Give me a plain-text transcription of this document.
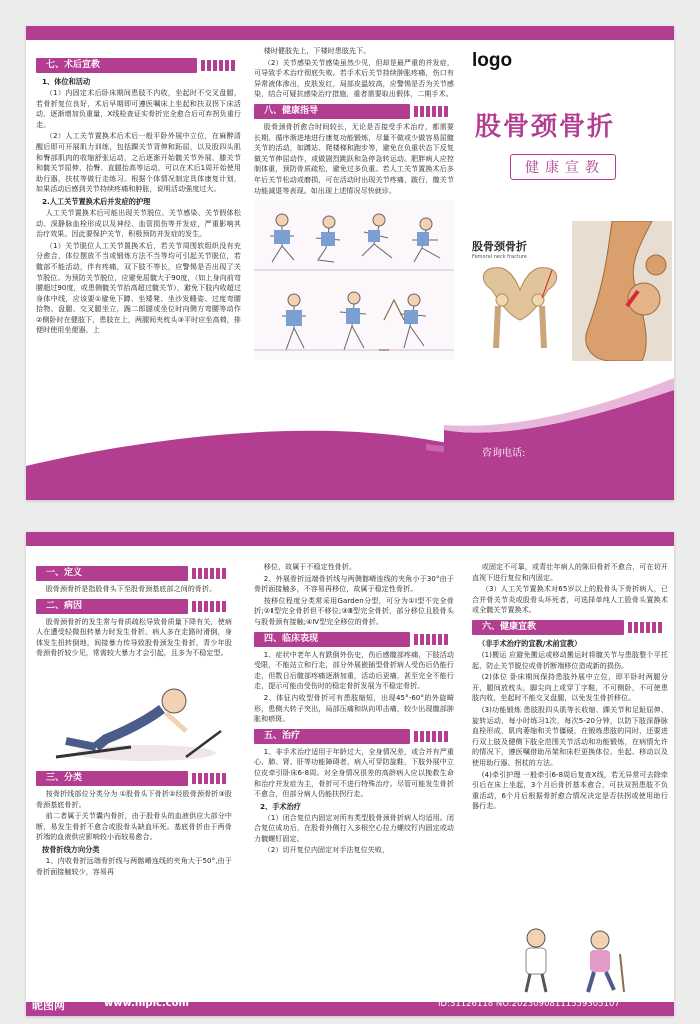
七、术后宣教
1、体位和活动
（1）内固定术后卧床期间患肢不内收，坐起时不交叉盘腿，若骨折复位良好，术后早期即可遵医嘱床上坐起和扶双拐下床活动，逐渐增加负重量，X线检查证实骨折完全愈合后可弃拐负重行走。
（2）人工关节置换术后术后一般平卧外展中立位，在麻醉清醒后即可开展肌力训练，包括踝关节背伸和跖屈，以及股四头肌和臀部肌肉的收缩舒张运动，之后逐渐开始髋关节外展、膝关节和髋关节屈伸、抬臀、直腿抬高等运动，可以在术后1周开始使用助行器，扶杖等做行走练习。根据个体情况制定具体康复计划，如果活动后感到关节持续疼痛和肿胀，说明活动强度过大。
2.人工关节置换术后并发症的护理
人工关节置换术后可能出现关节脱位、关节感染、关节假体松动、深静脉血栓形成以及神经、血管损伤等并发症，严重影响其治疗效果。因此要保护关节，积极预防并发症的发生。
（1）关节脱位人工关节置换术后，若关节周围软组织没有充分愈合，体位摆放不当或锻炼方法不当等均可引起关节脱位，若髋部不能活动，伴有疼痛，双下肢不等长，应警惕是否出现了关节脱位。为预防关节脱位，应避免屈髋大于90度，（如上身向前弯腰超过90度，或患侧髋关节抬高超过髋关节），避免下肢内收超过身体中线，应该要①避免下蹲、坐矮凳、坐沙发睡姿、过度弯腰拾物、盘腿、交叉腿坐立，跪二郎腿或坐位时向侧方弯腰等动作②侧卧时在健肢下，患肢在上，两腿间夹枕头③平时应坐高椅，排便时使用坐便器，上
楼时健肢先上，下楼时患肢先下。
（2）关节感染关节感染虽然少见，但却是最严重的并发症，可导致手术治疗彻底失败。若手术后关节持续肿胀疼痛，伤口有异常液体渗出，皮肤发红，局部皮温较高，应警惕是否为关节感染，结合可疑抗感染治疗措施，重者需要取出假体，二期手术。
八、健康指导
股骨颈骨折愈合时间较长，无论是否接受手术治疗，都需要长期、循序渐进地进行康复功能锻炼，尽量不做或少做容易屈髋关节的活动，如蹲站、爬楼梯和跑步等，避免在负重状态下反复做关节伸屈动作，或做剧烈跳跃和急停急转运动。肥胖病人应控制体重，预防骨质疏松，避免过多负重。若人工关节置换术后多年后关节松动或磨损，可在活动时出现关节疼痛、跛行，髋关节功能减退等表现。如出现上述情况尽快就诊。
logo
股骨颈骨折
健康宣教
股骨颈骨折
Femoral neck fracture
咨询电话:
一、定义
股骨颈骨折是指股骨头下至股骨颈基底部之间的骨折。
二、病因
股骨颈骨折的发生常与骨质疏松导致骨质量下降有关，使病人在遭受轻微扭转暴力时发生骨折。病人多在走路时滑倒，身体发生扭转倒地，间接暴力传导致股骨颈发生骨折，青少年股骨颈骨折较少见，常需较大暴力才会引起，且多为不稳定型。
三、分类
按骨折线部位分类分为 ①股骨头下骨折②经股骨颈骨折③股骨颈基底骨折。
前二者属于关节囊内骨折，由于股骨头的血液供应大部分中断，易发生骨折不愈合或股骨头缺血坏死。基底骨折由于两骨折端的血液供应影响较小而较易愈合。
按骨折线方向分类
1、内收骨折远端骨折线与两髂嵴连线的夹角大于50°,由于骨折面接触较少，容易再
移位，故属于不稳定性骨折。
2、外展骨折远端骨折线与两侧髂嵴连线的夹角小于30°由于骨折面接触多，不容易再移位，故属于稳定性骨折。
按移位程度分类常采用Garden分型，可分为①Ⅰ型不完全骨折;②Ⅱ型完全骨折但不移位;③Ⅲ型完全骨折，部分移位且股骨头与股骨颈有接触;④Ⅳ型完全移位的骨折。
四、临床表现
1、症状中老年人有跌倒外伤史，伤后感髋部疼痛，下肢活动受限，不能站立和行走，部分外展嵌插型骨折病人受伤后仍能行走，但数日后髋部疼痛逐渐加重，活动后更痛，甚至完全不能行走，提示可能由受伤时的稳定骨折发展为不稳定骨折。
2、体征内收型骨折可有患肢缩短，出现45°-60°的外旋畸形，患侧大转子突出，局部压痛和纵向叩击痛，较少出现髋部肿胀和瘀斑。
五、治疗
1、非手术治疗适用于年龄过大，全身情况差，或合并有严重心、肺、肾、肝等功能障碍者，病人可穿防旋鞋，下肢外展中立位皮牵引卧床6-8周。对全身情况很差的高龄病人应以挽救生命和治疗并发症为主，骨折可不进行特殊治疗。尽管可能发生骨折不愈合，但部分病人仍能扶拐行走。
2、手术治疗
（1）闭合复位内固定对所有类型股骨颈骨折病人均适用。闭合复位成功后，在股骨外侧打入多根空心拉力螺纹钉内固定或动力髋螺钉固定。
（2）切开复位内固定对手法复位失败，
或固定不可靠，或青壮年病人的陈旧骨折不愈合，可在切开直视下进行复位和内固定。
（3）人工关节置换术对65岁以上的股骨头下骨折病人，已合并骨关节炎或股骨头坏死者，可选择单纯人工股骨头置换术或全髋关节置换术。
六、健康宣教
（非手术治疗的宣教/术前宣教）
(1)搬运 应避免搬运或移动搬运时将髋关节与患肢整个平托起，防止关节脱位或骨折断端移位造成新的损伤。
(2)体位 卧床期间保持患肢外展中立位，即平卧时两腿分开，腿间放枕头，脚尖向上或穿丁字鞋，不可侧卧，不可使患肢内收，坐起时不能交叉盘腿，以免发生骨折移位。
(3)功能锻炼 患肢股四头肌等长收缩、踝关节和足趾屈伸、旋转运动，每小时练习1次，每次5-20分钟，以防下肢深静脉血栓形成，肌肉萎缩和关节僵硬，在锻炼患肢的同时，还要进行双上肢及健侧下肢全范围关节活动和功能锻炼，在病情允许的情况下，遵医嘱借助吊架和床栏更换体位、坐起、移动以及使用助行器、拐杖的方法。
(4)牵引护理 一般牵引6-8周后复查X线，若无异常可去除牵引后在床上坐起，3个月后骨折基本愈合，可扶双拐患肢不负重活动，6个月后根据骨折愈合情况决定是否扶拐或使用助行器行走。
昵图网	www.nipic.com	ID:31126118 NO:20230908111559305107
